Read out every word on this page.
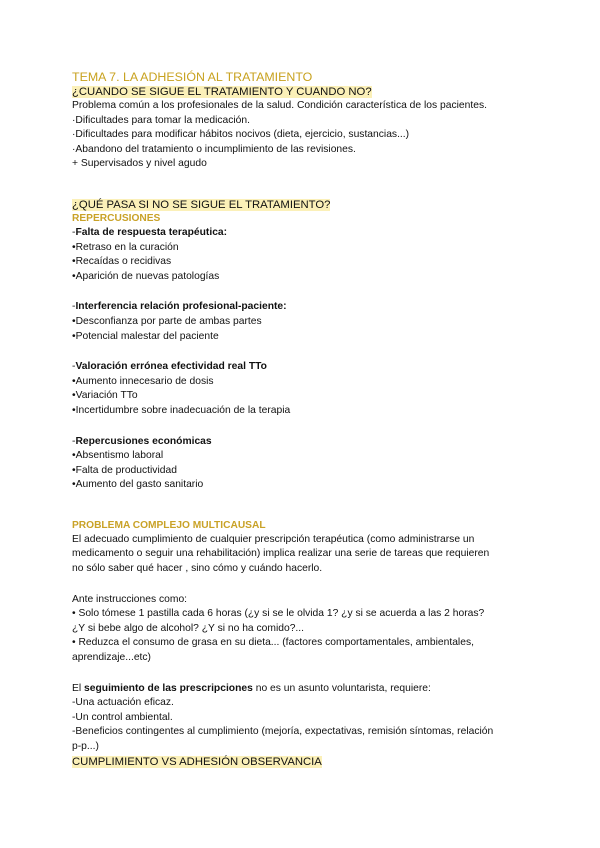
TEMA 7. LA ADHESIÓN AL TRATAMIENTO
¿CUANDO SE SIGUE EL TRATAMIENTO Y CUANDO NO?
Problema común a los profesionales de la salud. Condición característica de los pacientes.
·Dificultades para tomar la medicación.
·Dificultades para modificar hábitos nocivos (dieta, ejercicio, sustancias...)
·Abandono del tratamiento o incumplimiento de las revisiones.
+ Supervisados y nivel agudo
¿QUÉ PASA SI NO SE SIGUE EL TRATAMIENTO?
REPERCUSIONES
-Falta de respuesta terapéutica:
•Retraso en la curación
•Recaídas o recidivas
•Aparición de nuevas patologías
-Interferencia relación profesional-paciente:
•Desconfianza por parte de ambas partes
•Potencial malestar del paciente
-Valoración errónea efectividad real TTo
•Aumento innecesario de dosis
•Variación TTo
•Incertidumbre sobre inadecuación de la terapia
-Repercusiones económicas
•Absentismo laboral
•Falta de productividad
•Aumento del gasto sanitario
PROBLEMA COMPLEJO MULTICAUSAL
El adecuado cumplimiento de cualquier prescripción terapéutica (como administrarse un
medicamento o seguir una rehabilitación) implica realizar una serie de tareas que requieren
no sólo saber qué hacer , sino cómo y cuándo hacerlo.
Ante instrucciones como:
• Solo tómese 1 pastilla cada 6 horas (¿y si se le olvida 1? ¿y si se acuerda a las 2 horas?
¿Y si bebe algo de alcohol? ¿Y si no ha comido?...
• Reduzca el consumo de grasa en su dieta... (factores comportamentales, ambientales,
aprendizaje...etc)
El seguimiento de las prescripciones no es un asunto voluntarista, requiere:
-Una actuación eficaz.
-Un control ambiental.
-Beneficios contingentes al cumplimiento (mejoría, expectativas, remisión síntomas, relación
p-p...)
CUMPLIMIENTO VS ADHESIÓN OBSERVANCIA
